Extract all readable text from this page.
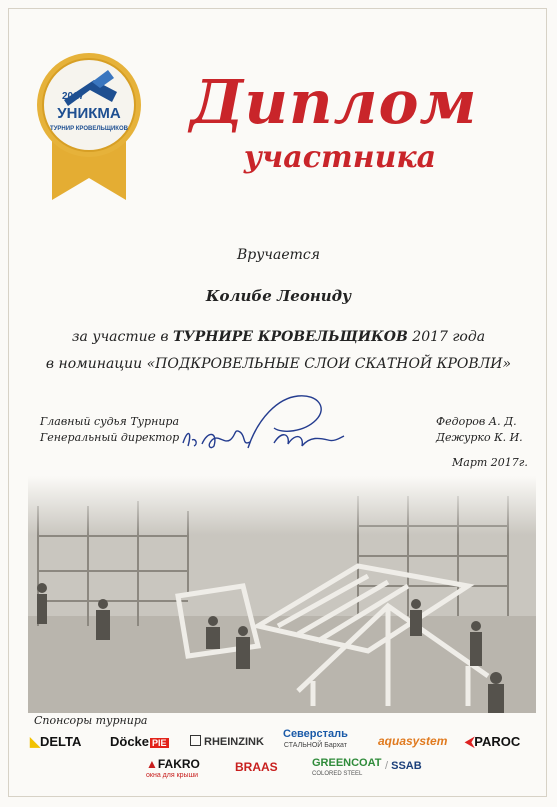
2017
УНИКМА
ТУРНИР КРОВЕЛЬЩИКОВ Диплом
участника
Вручается
Колибе Леониду
за участие в ТУРНИРЕ КРОВЕЛЬЩИКОВ 2017 года
в номинации «ПОДКРОВЕЛЬНЫЕ СЛОИ СКАТНОЙ КРОВЛИ»
Главный судья Турнира
Генеральный директор
Федоров А. Д.
Дежурко К. И.
Март 2017г.
Спонсоры турнира
◣DELTA Döcke PIE	RHEINZINK
Северсталь
СТАЛЬНОЙ Бархат	aquasystem ⮜PAROC
▲FAKRO
окна для крыши
BRAAS	GREENCOAT
COLORED STEEL
/ SSAB
